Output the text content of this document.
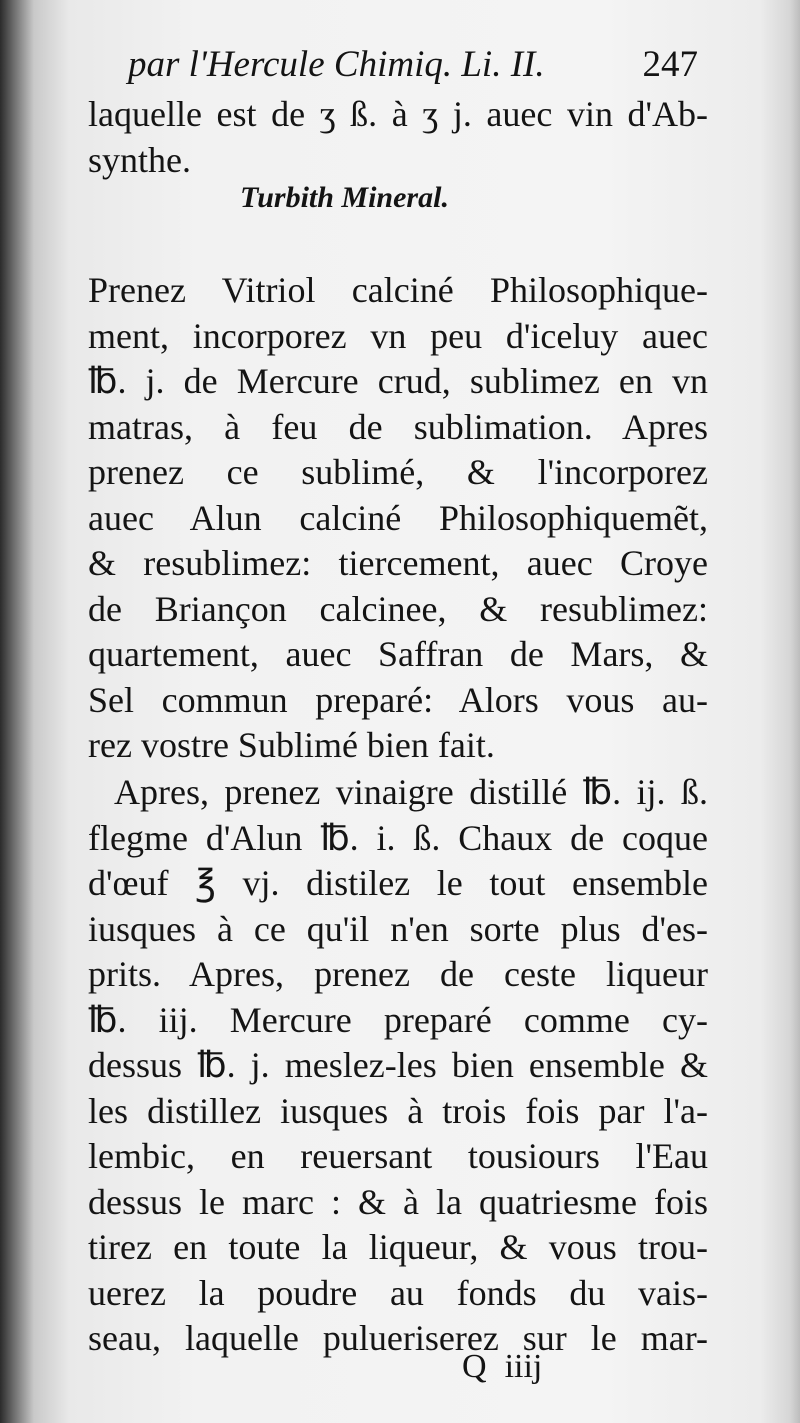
par l'Hercule Chimiq. Li. II.	247
laquelle est de ʒ ß. à ʒ j. auec vin d'Ab-
synthe.
Turbith Mineral.
Prenez Vitriol calciné Philosophique-
ment, incorporez vn peu d'iceluy auec
℔. j. de Mercure crud, sublimez en vn
matras, à feu de sublimation. Apres
prenez ce sublimé, & l'incorporez
auec Alun calciné Philosophiquemẽt,
& resublimez: tiercement, auec Croye
de Briançon calcinee, & resublimez:
quartement, auec Saffran de Mars, &
Sel commun preparé: Alors vous au-
rez vostre Sublimé bien fait.
Apres, prenez vinaigre distillé ℔. ij. ß.
flegme d'Alun ℔. i. ß. Chaux de coque
d'œuf ℥ vj. distilez le tout ensemble
iusques à ce qu'il n'en sorte plus d'es-
prits. Apres, prenez de ceste liqueur
℔. iij. Mercure preparé comme cy-
dessus ℔. j. meslez-les bien ensemble &
les distillez iusques à trois fois par l'a-
lembic, en reuersant tousiours l'Eau
dessus le marc : & à la quatriesme fois
tirez en toute la liqueur, & vous trou-
uerez la poudre au fonds du vais-
seau, laquelle pulueriserez sur le mar-
Q iiij
